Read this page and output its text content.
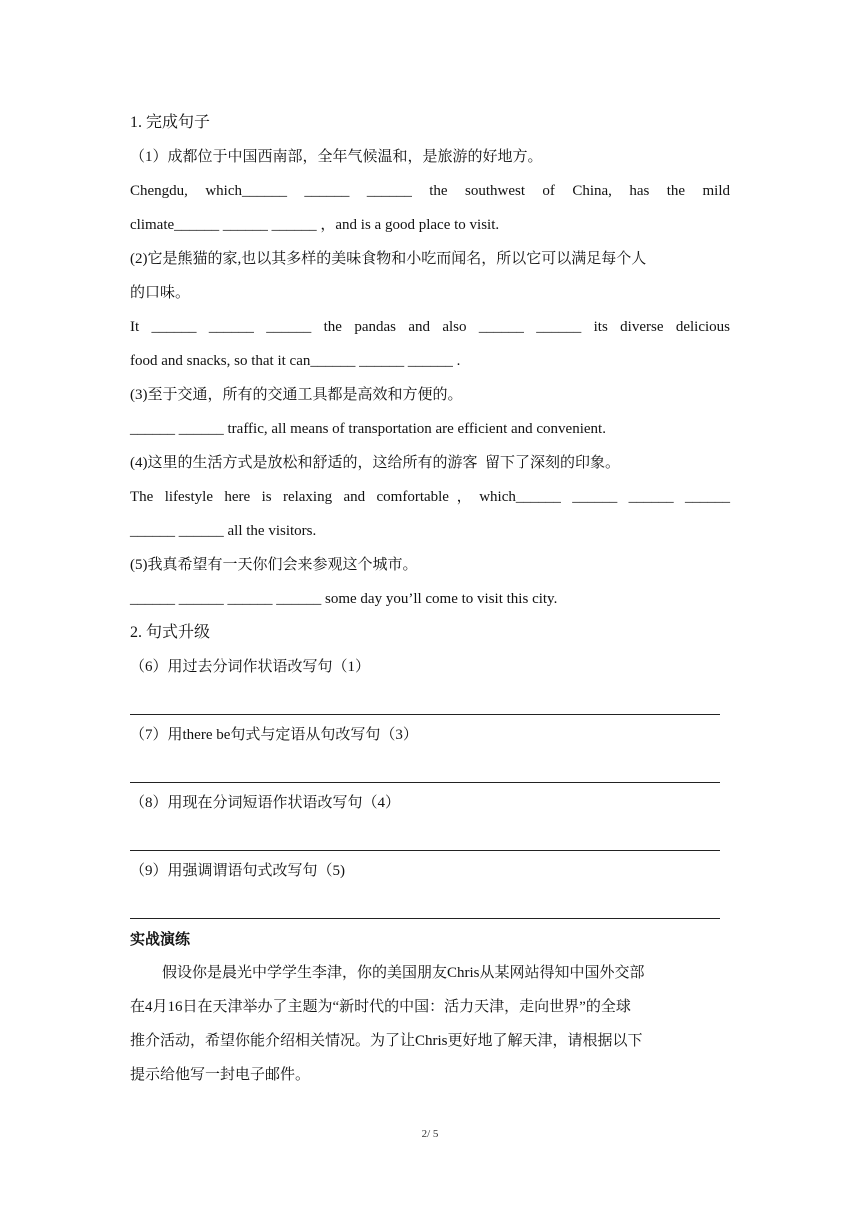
1. 完成句子

（1）成都位于中国西南部，全年气候温和，是旅游的好地方。

Chengdu, which______ ______ ______ the southwest of China, has the mild

climate______ ______ ______ ，and is a good place to visit.

(2)它是熊猫的家,也以其多样的美味食物和小吃而闻名，所以它可以满足每个人

的口味。

It ______ ______ ______ the pandas and also ______ ______ its diverse delicious

food and snacks, so that it can______ ______ ______ .

(3)至于交通，所有的交通工具都是高效和方便的。

______ ______ traffic, all means of transportation are efficient and convenient.

(4)这里的生活方式是放松和舒适的，这给所有的游客  留下了深刻的印象。

The lifestyle here is relaxing and comfortable，which______ ______ ______ ______

______ ______ all the visitors.

(5)我真希望有一天你们会来参观这个城市。

______ ______ ______ ______ some day you’ll come to visit this city.

2. 句式升级

（6）用过去分词作状语改写句（1）

（7）用there be句式与定语从句改写句（3）

（8）用现在分词短语作状语改写句（4）

（9）用强调谓语句式改写句（5)

实战演练

假设你是晨光中学学生李津，你的美国朋友Chris从某网站得知中国外交部

在4月16日在天津举办了主题为“新时代的中国：活力天津，走向世界”的全球

推介活动，希望你能介绍相关情况。为了让Chris更好地了解天津，请根据以下

提示给他写一封电子邮件。

2/ 5
